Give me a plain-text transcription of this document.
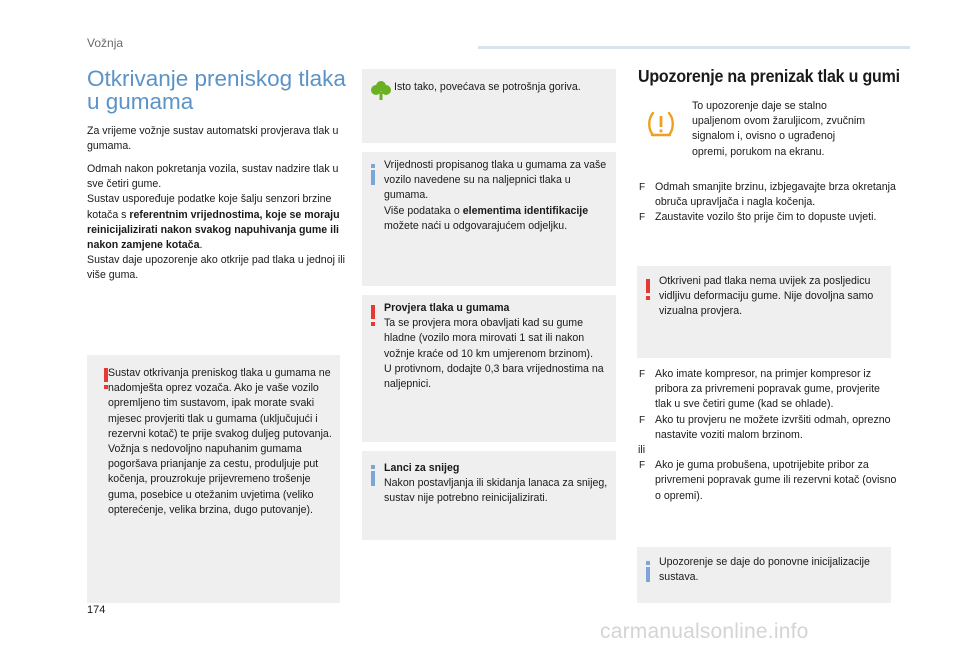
Vožnja
Otkrivanje preniskog tlaka
u gumama

Za vrijeme vožnje sustav automatski provjerava tlak u gumama.

Odmah nakon pokretanja vozila, sustav nadzire tlak u sve četiri gume.
Sustav uspoređuje podatke koje šalju senzori brzine kotača s referentnim vrijednostima, koje se moraju reinicijalizirati nakon svakog napuhivanja gume ili nakon zamjene kotača.
Sustav daje upozorenje ako otkrije pad tlaka u jednoj ili više guma.

Sustav otkrivanja preniskog tlaka u gumama ne nadomješta oprez vozača. Ako je vaše vozilo opremljeno tim sustavom, ipak morate svaki mjesec provjeriti tlak u gumama (uključujući i rezervni kotač) te prije svakog duljeg putovanja. Vožnja s nedovoljno napuhanim gumama pogoršava prianjanje za cestu, produljuje put kočenja, prouzrokuje prijevremeno trošenje guma, posebice u otežanim uvjetima (veliko opterećenje, velika brzina, dugo putovanje).

Isto tako, povećava se potrošnja goriva.

Vrijednosti propisanog tlaka u gumama za vaše vozilo navedene su na naljepnici tlaka u gumama.
Više podataka o elementima identifikacije možete naći u odgovarajućem odjeljku.
Provjera tlaka u gumama
Ta se provjera mora obavljati kad su gume hladne (vozilo mora mirovati 1 sat ili nakon vožnje kraće od 10 km umjerenom brzinom).
U protivnom, dodajte 0,3 bara vrijednostima na naljepnici.
Lanci za snijeg
Nakon postavljanja ili skidanja lanaca za snijeg, sustav nije potrebno reinicijalizirati.
Upozorenje na prenizak tlak u gumi

To upozorenje daje se stalno upaljenom ovom žaruljicom, zvučnim signalom i, ovisno o ugrađenoj opremi, porukom na ekranu.

F Odmah smanjite brzinu, izbjegavajte brza okretanja obruča upravljača i nagla kočenja.
F Zaustavite vozilo što prije čim to dopuste uvjeti.

Otkriveni pad tlaka nema uvijek za posljedicu vidljivu deformaciju gume. Nije dovoljna samo vizualna provjera.

F Ako imate kompresor, na primjer kompresor iz pribora za privremeni popravak gume, provjerite tlak u sve četiri gume (kad se ohlade).
F Ako tu provjeru ne možete izvršiti odmah, oprezno nastavite voziti malom brzinom.
ili
F Ako je guma probušena, upotrijebite pribor za privremeni popravak gume ili rezervni kotač (ovisno o opremi).

Upozorenje se daje do ponovne inicijalizacije sustava.

174
carmanualsonline.info
